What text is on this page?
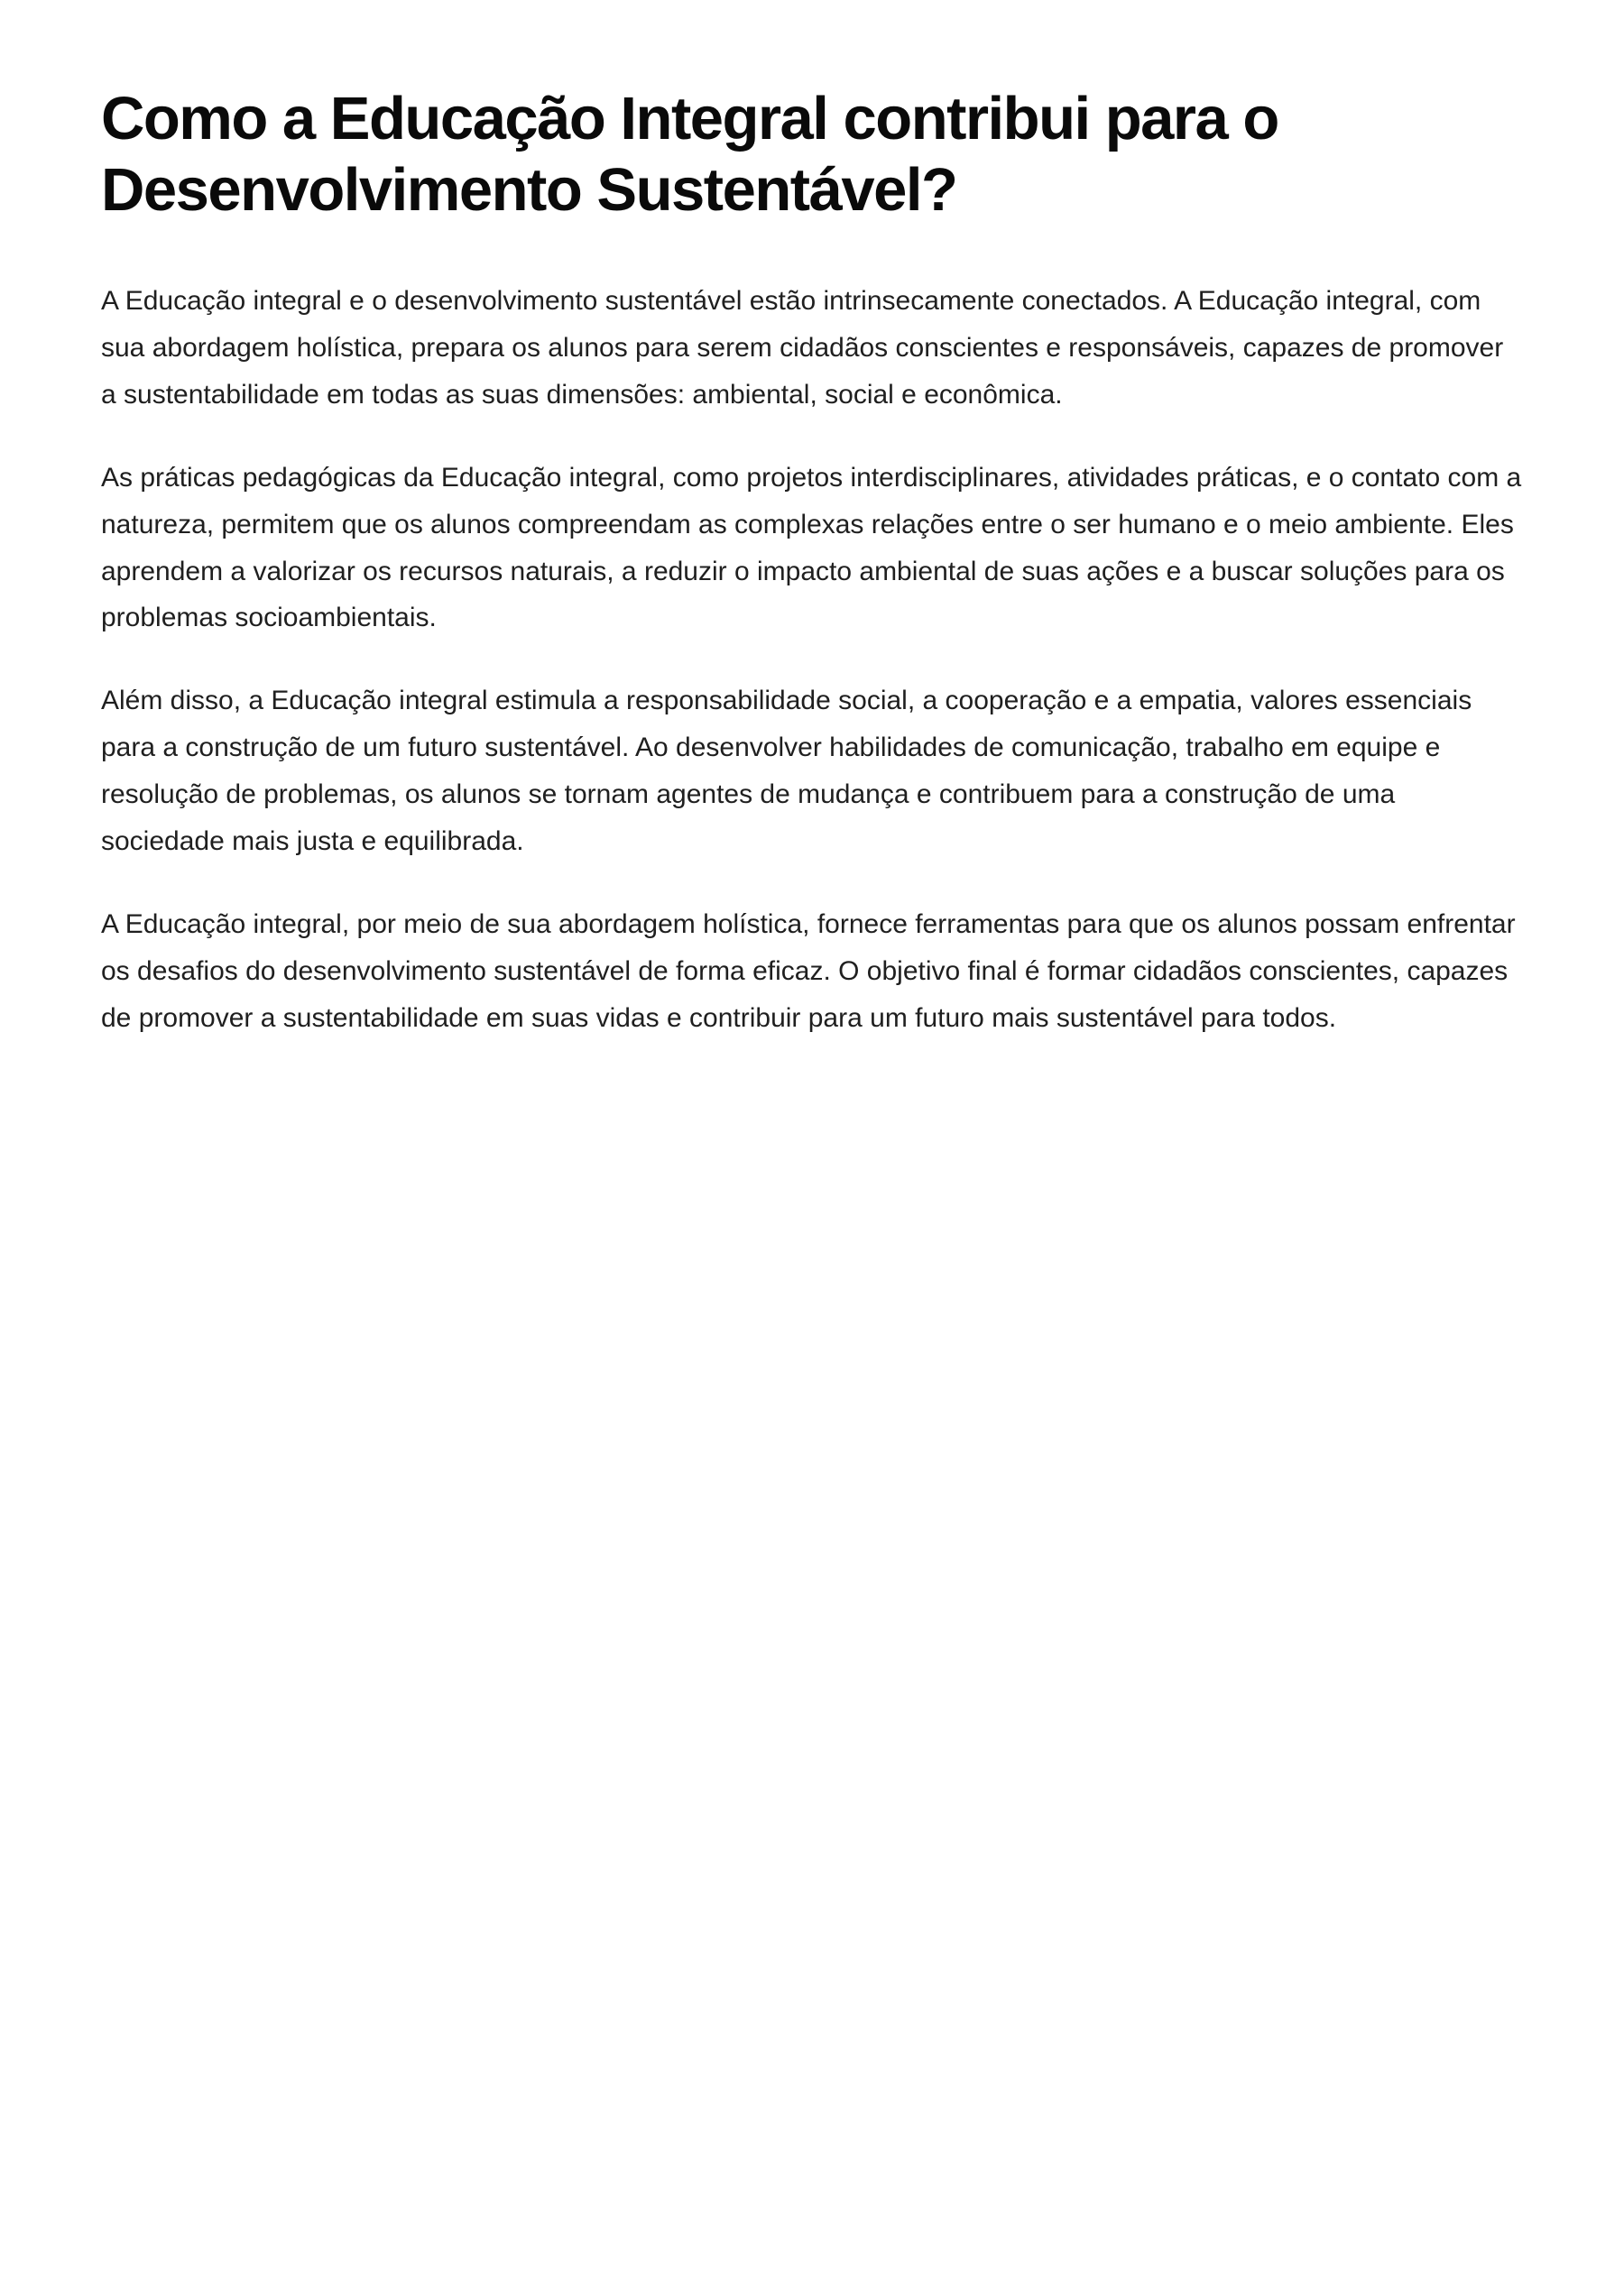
Como a Educação Integral contribui para o Desenvolvimento Sustentável?

A Educação integral e o desenvolvimento sustentável estão intrinsecamente conectados. A Educação integral, com sua abordagem holística, prepara os alunos para serem cidadãos conscientes e responsáveis, capazes de promover a sustentabilidade em todas as suas dimensões: ambiental, social e econômica.

As práticas pedagógicas da Educação integral, como projetos interdisciplinares, atividades práticas, e o contato com a natureza, permitem que os alunos compreendam as complexas relações entre o ser humano e o meio ambiente. Eles aprendem a valorizar os recursos naturais, a reduzir o impacto ambiental de suas ações e a buscar soluções para os problemas socioambientais.

Além disso, a Educação integral estimula a responsabilidade social, a cooperação e a empatia, valores essenciais para a construção de um futuro sustentável. Ao desenvolver habilidades de comunicação, trabalho em equipe e resolução de problemas, os alunos se tornam agentes de mudança e contribuem para a construção de uma sociedade mais justa e equilibrada.

A Educação integral, por meio de sua abordagem holística, fornece ferramentas para que os alunos possam enfrentar os desafios do desenvolvimento sustentável de forma eficaz. O objetivo final é formar cidadãos conscientes, capazes de promover a sustentabilidade em suas vidas e contribuir para um futuro mais sustentável para todos.
